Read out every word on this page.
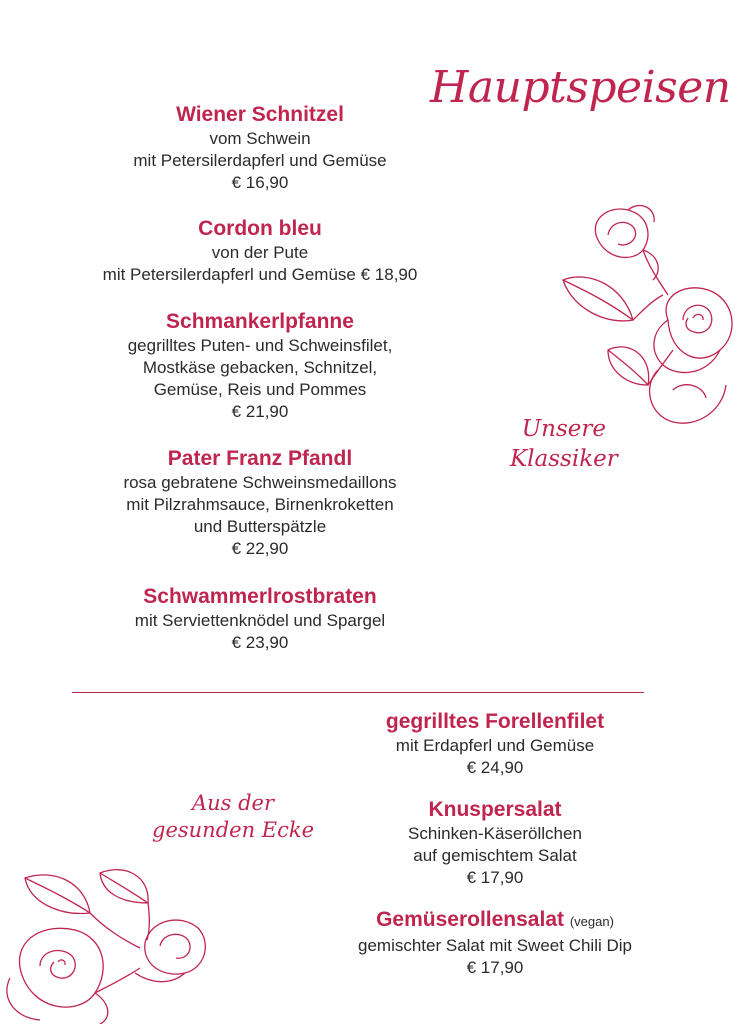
Hauptspeisen
Unsere
Klassiker
Aus der
gesunden Ecke
Wiener Schnitzel
vom Schwein
mit Petersilerdapferl und Gemüse
€ 16,90
Cordon bleu
von der Pute
mit Petersilerdapferl und Gemüse € 18,90
Schmankerlpfanne
gegrilltes Puten- und Schweinsfilet,
Mostkäse gebacken, Schnitzel,
Gemüse, Reis und Pommes
€ 21,90
Pater Franz Pfandl
rosa gebratene Schweinsmedaillons
mit Pilzrahmsauce, Birnenkroketten
und Butterspätzle
€ 22,90
Schwammerlrostbraten
mit Serviettenknödel und Spargel
€ 23,90
gegrilltes Forellenfilet
mit Erdapferl und Gemüse
€ 24,90
Knuspersalat
Schinken-Käseröllchen
auf gemischtem Salat
€ 17,90
Gemüserollensalat (vegan)
gemischter Salat mit Sweet Chili Dip
€ 17,90
